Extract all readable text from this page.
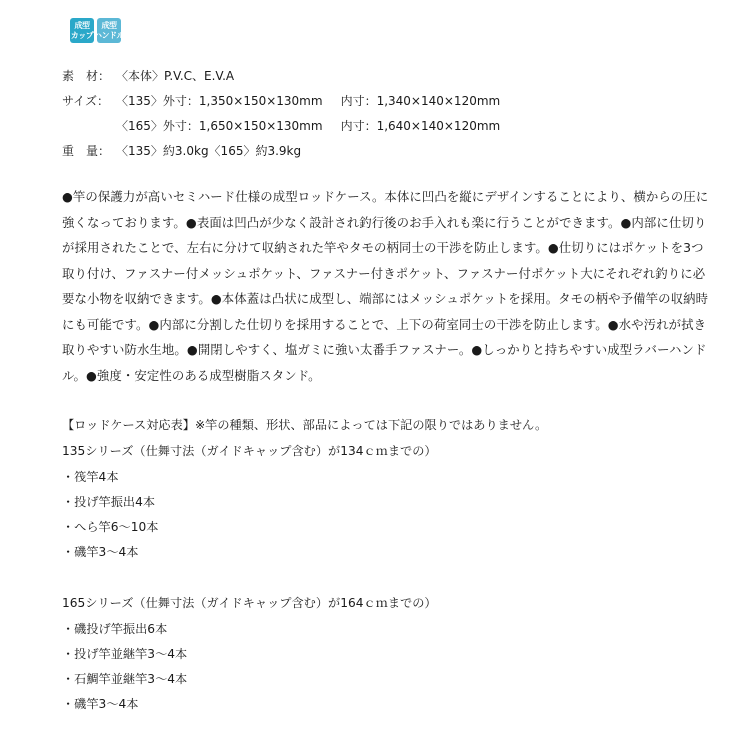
成型
カップ
成型
ハンドル
素　材： 〈本体〉P.V.C、E.V.A
サイズ： 〈135〉外寸：1,350×150×130mm 内寸：1,340×140×120mm
〈165〉外寸：1,650×150×130mm 内寸：1,640×140×120mm
重　量： 〈135〉約3.0kg〈165〉約3.9kg
●竿の保護力が高いセミハード仕様の成型ロッドケース。本体に凹凸を縦にデザインすることにより、横からの圧に強くなっております。●表面は凹凸が少なく設計され釣行後のお手入れも楽に行うことができます。●内部に仕切りが採用されたことで、左右に分けて収納された竿やタモの柄同士の干渉を防止します。●仕切りにはポケットを3つ取り付け、ファスナー付メッシュポケット、ファスナー付きポケット、ファスナー付ポケット大にそれぞれ釣りに必要な小物を収納できます。●本体蓋は凸状に成型し、端部にはメッシュポケットを採用。タモの柄や予備竿の収納時にも可能です。●内部に分割した仕切りを採用することで、上下の荷室同士の干渉を防止します。●水や汚れが拭き取りやすい防水生地。●開閉しやすく、塩ガミに強い太番手ファスナー。●しっかりと持ちやすい成型ラバーハンドル。●強度・安定性のある成型樹脂スタンド。
【ロッドケース対応表】※竿の種類、形状、部品によっては下記の限りではありません。
135シリーズ（仕舞寸法（ガイドキャップ含む）が134ｃｍまでの）
・筏竿4本
・投げ竿振出4本
・へら竿6～10本
・磯竿3～4本
165シリーズ（仕舞寸法（ガイドキャップ含む）が164ｃｍまでの）
・磯投げ竿振出6本
・投げ竿並継竿3～4本
・石鯛竿並継竿3～4本
・磯竿3～4本
